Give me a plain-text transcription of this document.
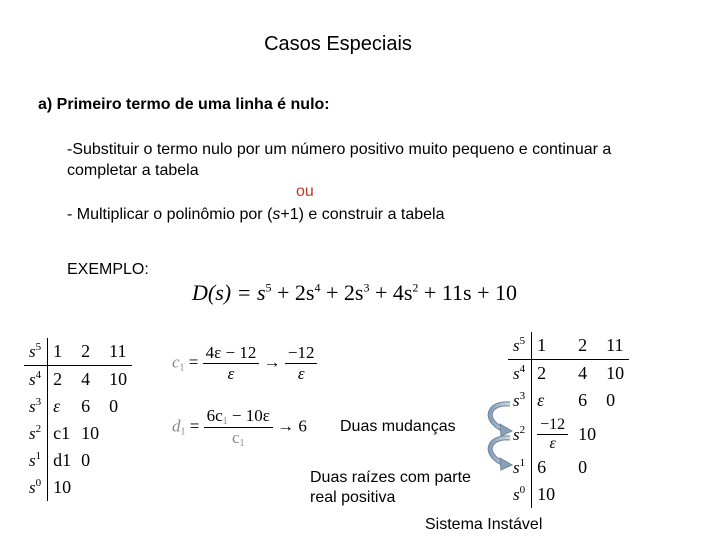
Casos Especiais
a) Primeiro termo de uma linha é nulo:
-Substituir o termo nulo por um número positivo muito pequeno e continuar a
completar a tabela
ou
- Multiplicar o polinômio por (s+1) e construir a tabela
EXEMPLO:
$D(s) = s^5 + 2s^4 + 2s^3 + 4s^2 + 11s + 10$
$s^5$	1	2	11
$s^4$	2	4	10
$s^3$	ε	6	0
$s^2$	c1	10	
$s^1$	d1	0	
$s^0$	10		
$c_1 = \frac{4\varepsilon - 12}{\varepsilon} \to \frac{-12}{\varepsilon}$
$d_1 = \frac{6c_1 - 10\varepsilon}{c_1} \to 6$ Duas mudanças
$s^5$	1	2	11
$s^4$	2	4	10
$s^3$	ε	6	0
$s^2$	$\frac{-12}{\varepsilon}$	10	
$s^1$	6	0	
$s^0$	10		
Duas raízes com parte
real positiva
Sistema Instável
